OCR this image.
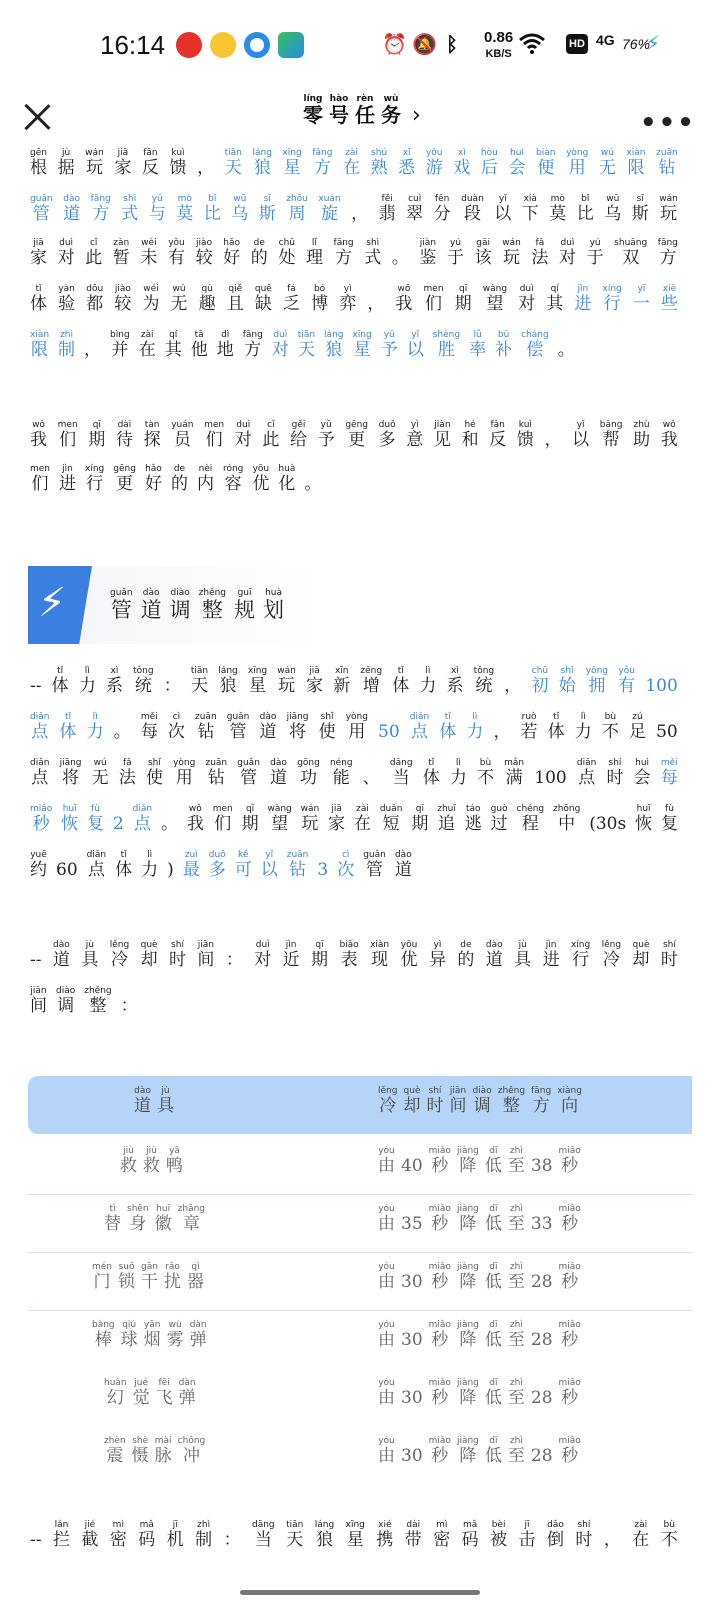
16:14	⏰ 🔕 ᛒ 0.86
KB/S
HD 4G 76%
⚡
零líng
号hào
任rèn
务wù
›	•••
根gēn
据jù
玩wán
家jiā
反fǎn
馈kuì
， 天tiān
狼láng
星xīng
方fāng
在zài
熟shú
悉xī
游yóu
戏xì
后hòu
会huì
便biàn
用yòng
无wú
限xiàn
钻zuān
管guǎn
道dào
方fāng
式shì
与yǔ
莫mò
比bǐ
乌wū
斯sī
周zhōu
旋xuán
， 翡fěi
翠cuì
分fēn
段duàn
以yǐ
下xià
莫mò
比bǐ
乌wū
斯sī
玩wán
家jiā
对duì
此cǐ
暂zàn
未wèi
有yǒu
较jiào
好hǎo
的de
处chǔ
理lǐ
方fāng
式shì
。 鉴jiàn
于yú
该gāi
玩wán
法fǎ
对duì
于yú
双shuāng
方fāng
体tǐ
验yàn
都dōu
较jiào
为wéi
无wú
趣qù
且qiě
缺quē
乏fá
博bó
弈yì
， 我wǒ
们men
期qī
望wàng
对duì
其qí
进jìn
行xíng
一yī
些xiē
限xiàn
制zhì
， 并bìng
在zài
其qí
他tā
地dì
方fāng
对duì
天tiān
狼láng
星xīng
予yǔ
以yǐ
胜shèng
率lǜ
补bǔ
偿cháng
。
我wǒ
们men
期qī
待dài
探tàn
员yuán
们men
对duì
此cǐ
给gěi
予yǔ
更gēng
多duō
意yì
见jiàn
和hé
反fǎn
馈kuì
， 以yǐ
帮bāng
助zhù
我wǒ
们men
进jìn
行xíng
更gēng
好hǎo
的de
内nèi
容róng
优yōu
化huà
。
-- 体tǐ
力lì
系xì
统tǒng
： 天tiān
狼láng
星xīng
玩wán
家jiā
新xīn
增zēng
体tǐ
力lì
系xì
统tǒng
， 初chū
始shǐ
拥yōng
有yǒu
100
点diǎn
体tǐ
力lì
。 每měi
次cì
钻zuān
管guǎn
道dào
将jiāng
使shǐ
用yòng
50 点diǎn
体tǐ
力lì
， 若ruò
体tǐ
力lì
不bù
足zú
50
点diǎn
将jiāng
无wú
法fǎ
使shǐ
用yòng
钻zuān
管guǎn
道dào
功gōng
能néng
、 当dāng
体tǐ
力lì
不bù
满mǎn
100 点diǎn
时shí
会huì
每měi
秒miǎo
恢huī
复fù
2 点diǎn
。 我wǒ
们men
期qī
望wàng
玩wán
家jiā
在zài
短duǎn
期qī
追zhuī
逃táo
过guò
程chéng
中zhōng
(30s 恢huī
复fù
约yuē
60 点diǎn
体tǐ
力lì
) 最zuì
多duō
可kě
以yǐ
钻zuān
3 次cì
管guǎn
道dào
-- 道dào
具jù
冷lěng
却què
时shí
间jiān
： 对duì
近jìn
期qī
表biǎo
现xiàn
优yōu
异yì
的de
道dào
具jù
进jìn
行xíng
冷lěng
却què
时shí
间jiān
调diào
整zhěng
：
-- 拦lán
截jié
密mì
码mǎ
机jī
制zhì
： 当dāng
天tiān
狼láng
星xīng
携xié
带dài
密mì
码mǎ
被bèi
击jī
倒dǎo
时shí
， 在zài
不bù
⚡ 管guǎn
道dào
调diào
整zhěng
规guī
划huà
道dào
具jù
冷lěng
却què
时shí
间jiān
调diào
整zhěng
方fāng
向xiàng
救jiù
救jiù
鸭yā
由yóu
40 秒miǎo
降jiàng
低dī
至zhì
38 秒miǎo
替tì
身shēn
徽huī
章zhāng
由yóu
35 秒miǎo
降jiàng
低dī
至zhì
33 秒miǎo
门mén
锁suǒ
干gān
扰rǎo
器qì
由yóu
30 秒miǎo
降jiàng
低dī
至zhì
28 秒miǎo
棒bàng
球qiú
烟yān
雾wù
弹dàn
由yóu
30 秒miǎo
降jiàng
低dī
至zhì
28 秒miǎo
幻huàn
觉jué
飞fēi
弹dàn
由yóu
30 秒miǎo
降jiàng
低dī
至zhì
28 秒miǎo
震zhèn
慑shè
脉mài
冲chōng
由yóu
30 秒miǎo
降jiàng
低dī
至zhì
28 秒miǎo
